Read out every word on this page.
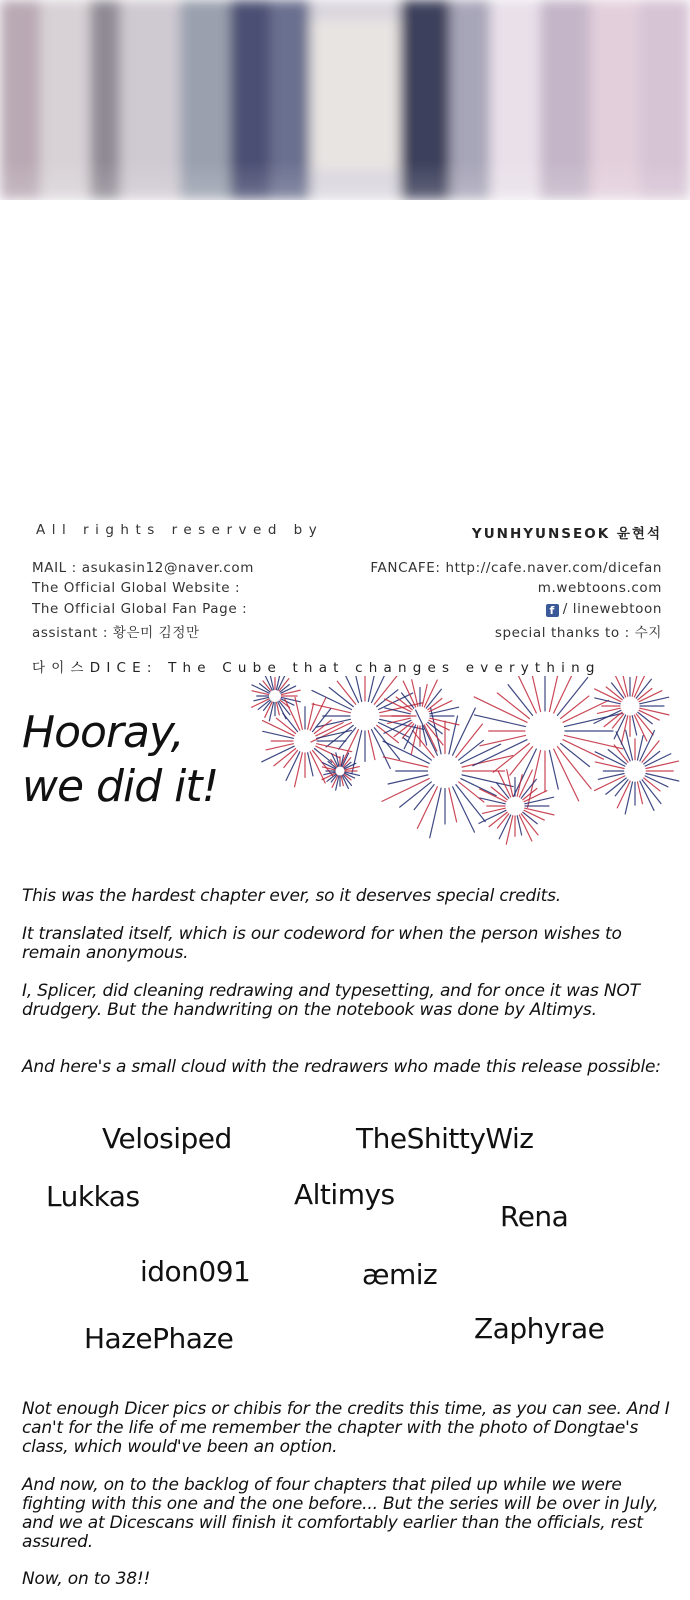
All rights reserved by	YUNHYUNSEOK 윤현석
MAIL : asukasin12@naver.com	FANCAFE: http://cafe.naver.com/dicefan
The Official Global Website :	m.webtoons.com
The Official Global Fan Page :	f / linewebtoon
assistant : 황은미 김정만	special thanks to : 수지
다이스DICE: The Cube that changes everything
Hooray,
we did it!
This was the hardest chapter ever, so it deserves special credits.
It translated itself, which is our codeword for when the person wishes to remain anonymous.
I, Splicer, did cleaning redrawing and typesetting, and for once it was NOT drudgery. But the handwriting on the notebook was done by Altimys.
And here's a small cloud with the redrawers who made this release possible:
Velosiped	TheShittyWiz
Lukkas	Altimys
Rena
idon091	æmiz
Zaphyrae
HazePhaze
Not enough Dicer pics or chibis for the credits this time, as you can see. And I can't for the life of me remember the chapter with the photo of Dongtae's class, which would've been an option.
And now, on to the backlog of four chapters that piled up while we were fighting with this one and the one before... But the series will be over in July, and we at Dicescans will finish it comfortably earlier than the officials, rest assured.
Now, on to 38!!
